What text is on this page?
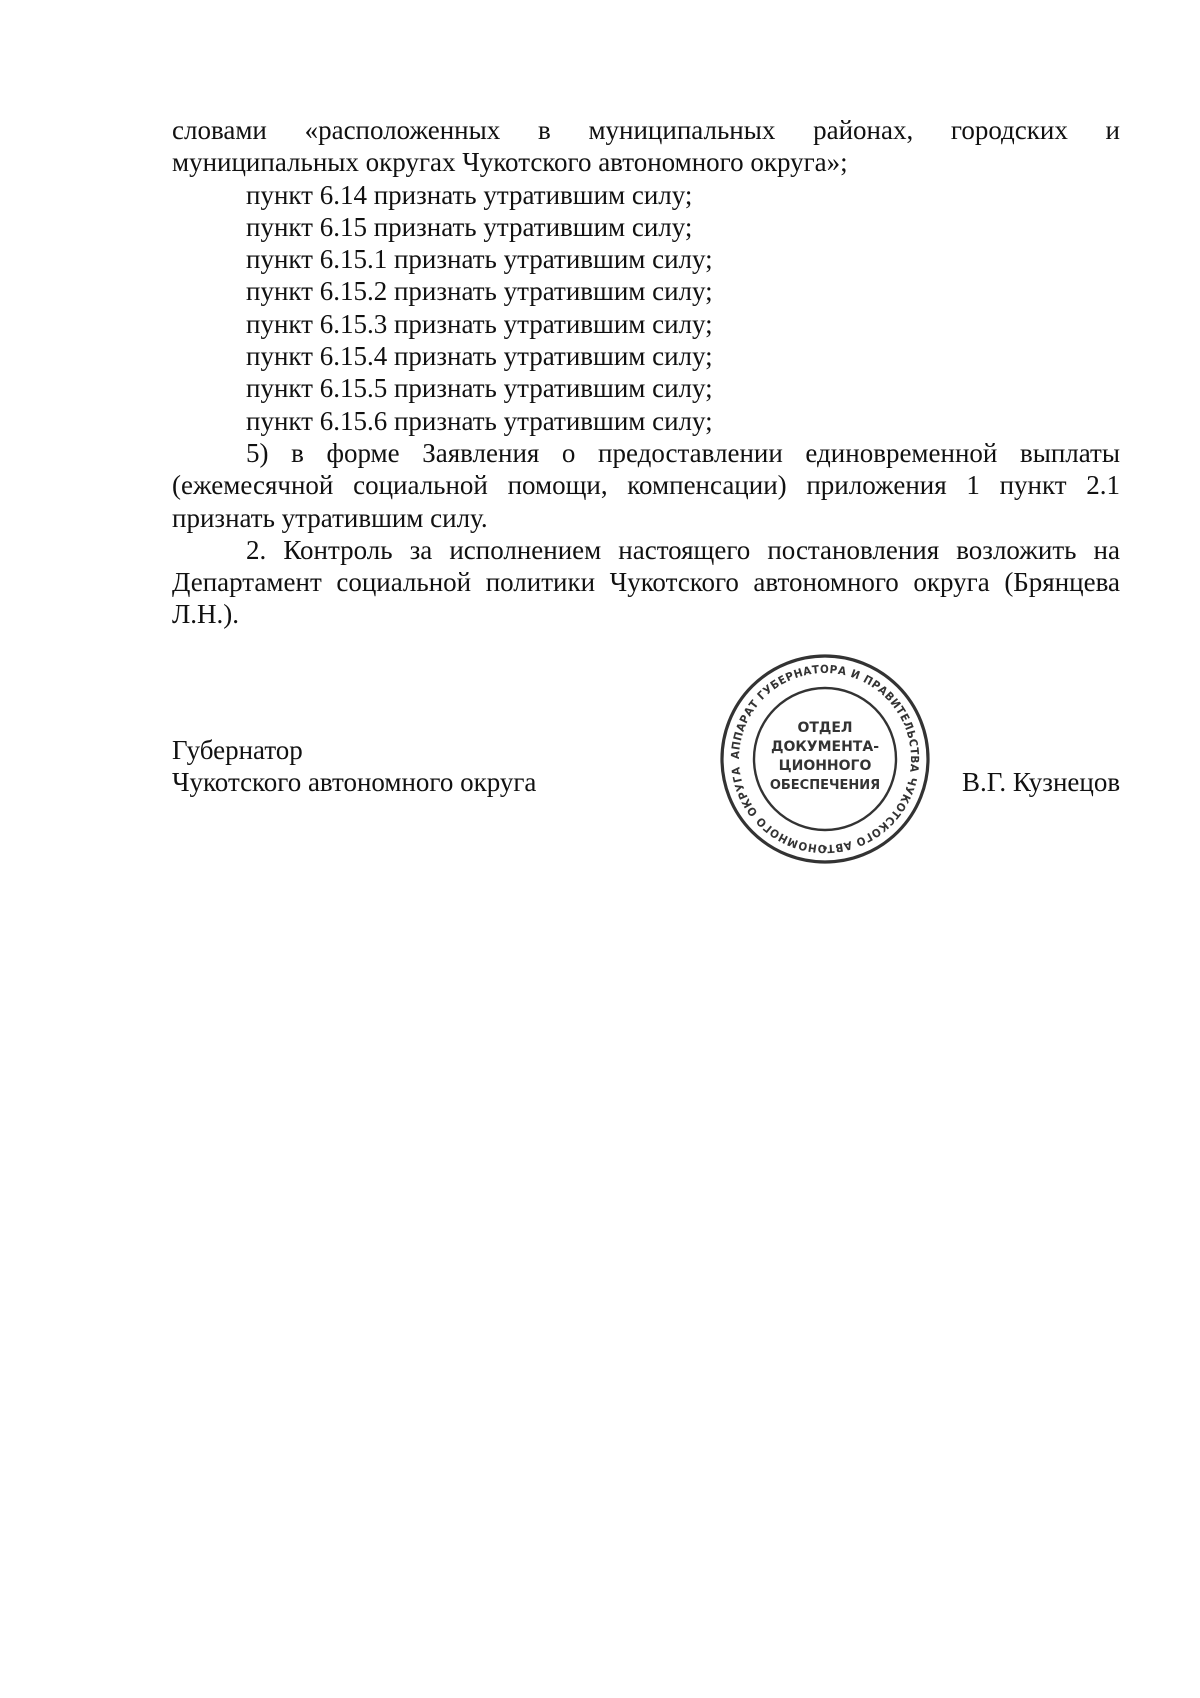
словами «расположенных в муниципальных районах, городских и муниципальных округах Чукотского автономного округа»;

пункт 6.14 признать утратившим силу;

пункт 6.15 признать утратившим силу;

пункт 6.15.1 признать утратившим силу;

пункт 6.15.2 признать утратившим силу;

пункт 6.15.3 признать утратившим силу;

пункт 6.15.4 признать утратившим силу;

пункт 6.15.5 признать утратившим силу;

пункт 6.15.6 признать утратившим силу;

5) в форме Заявления о предоставлении единовременной выплаты (ежемесячной социальной помощи, компенсации) приложения 1 пункт 2.1 признать утратившим силу.

2. Контроль за исполнением настоящего постановления возложить на Департамент социальной политики Чукотского автономного округа (Брянцева Л.Н.).

Губернатор
Чукотского автономного округа	В.Г. Кузнецов
АППАРАТ ГУБЕРНАТОРА И ПРАВИТЕЛЬСТВА ЧУКОТСКОГО АВТОНОМНОГО ОКРУГА
ОТДЕЛ
ДОКУМЕНТА-
ЦИОННОГО
ОБЕСПЕЧЕНИЯ
